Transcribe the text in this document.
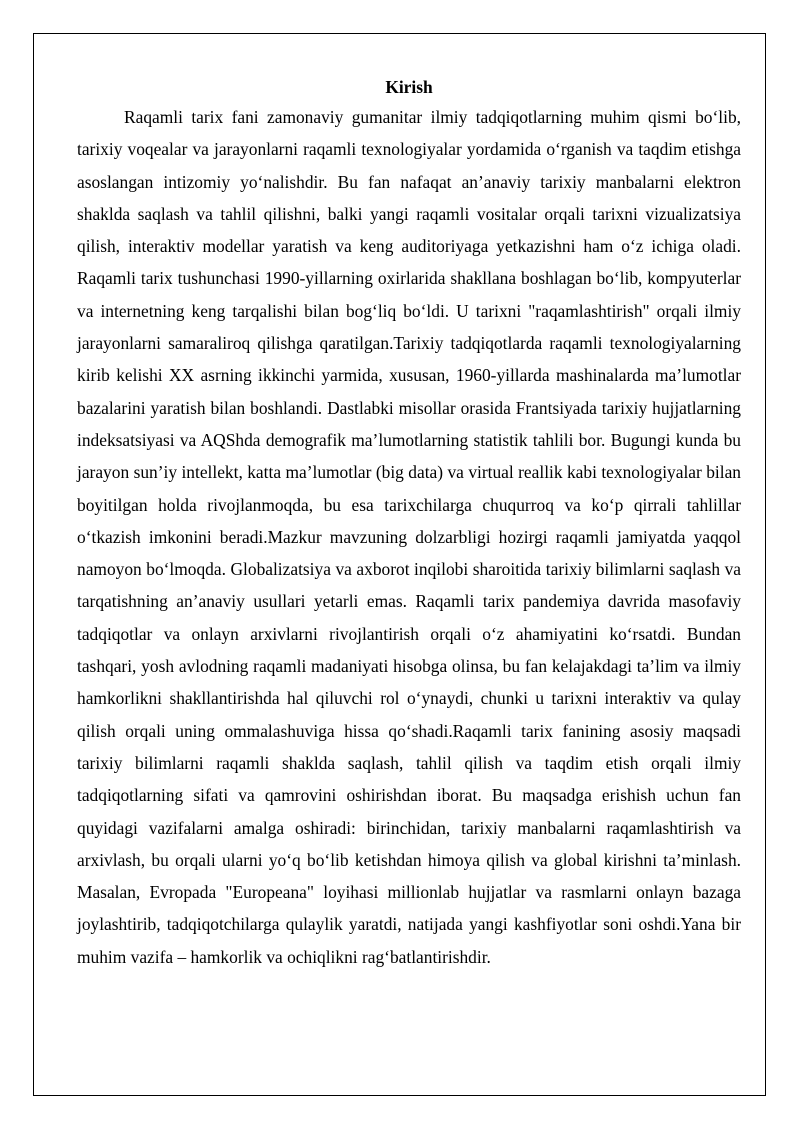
Kirish

Raqamli tarix fani zamonaviy gumanitar ilmiy tadqiqotlarning muhim qismi bo‘lib, tarixiy voqealar va jarayonlarni raqamli texnologiyalar yordamida o‘rganish va taqdim etishga asoslangan intizomiy yo‘nalishdir. Bu fan nafaqat an’anaviy tarixiy manbalarni elektron shaklda saqlash va tahlil qilishni, balki yangi raqamli vositalar orqali tarixni vizualizatsiya qilish, interaktiv modellar yaratish va keng auditoriyaga yetkazishni ham o‘z ichiga oladi. Raqamli tarix tushunchasi 1990-yillarning oxirlarida shakllana boshlagan bo‘lib, kompyuterlar va internetning keng tarqalishi bilan bog‘liq bo‘ldi. U tarixni "raqamlashtirish" orqali ilmiy jarayonlarni samaraliroq qilishga qaratilgan.Tarixiy tadqiqotlarda raqamli texnologiyalarning kirib kelishi XX asrning ikkinchi yarmida, xususan, 1960-yillarda mashinalarda ma’lumotlar bazalarini yaratish bilan boshlandi. Dastlabki misollar orasida Frantsiyada tarixiy hujjatlarning indeksatsiyasi va AQShda demografik ma’lumotlarning statistik tahlili bor. Bugungi kunda bu jarayon sun’iy intellekt, katta ma’lumotlar (big data) va virtual reallik kabi texnologiyalar bilan boyitilgan holda rivojlanmoqda, bu esa tarixchilarga chuqurroq va ko‘p qirrali tahlillar o‘tkazish imkonini beradi.Mazkur mavzuning dolzarbligi hozirgi raqamli jamiyatda yaqqol namoyon bo‘lmoqda. Globalizatsiya va axborot inqilobi sharoitida tarixiy bilimlarni saqlash va tarqatishning an’anaviy usullari yetarli emas. Raqamli tarix pandemiya davrida masofaviy tadqiqotlar va onlayn arxivlarni rivojlantirish orqali o‘z ahamiyatini ko‘rsatdi. Bundan tashqari, yosh avlodning raqamli madaniyati hisobga olinsa, bu fan kelajakdagi ta’lim va ilmiy hamkorlikni shakllantirishda hal qiluvchi rol o‘ynaydi, chunki u tarixni interaktiv va qulay qilish orqali uning ommalashuviga hissa qo‘shadi.Raqamli tarix fanining asosiy maqsadi tarixiy bilimlarni raqamli shaklda saqlash, tahlil qilish va taqdim etish orqali ilmiy tadqiqotlarning sifati va qamrovini oshirishdan iborat. Bu maqsadga erishish uchun fan quyidagi vazifalarni amalga oshiradi: birinchidan, tarixiy manbalarni raqamlashtirish va arxivlash, bu orqali ularni yo‘q bo‘lib ketishdan himoya qilish va global kirishni ta’minlash. Masalan, Evropada "Europeana" loyihasi millionlab hujjatlar va rasmlarni onlayn bazaga joylashtirib, tadqiqotchilarga qulaylik yaratdi, natijada yangi kashfiyotlar soni oshdi.Yana bir muhim vazifa – hamkorlik va ochiqlikni rag‘batlantirishdir.
